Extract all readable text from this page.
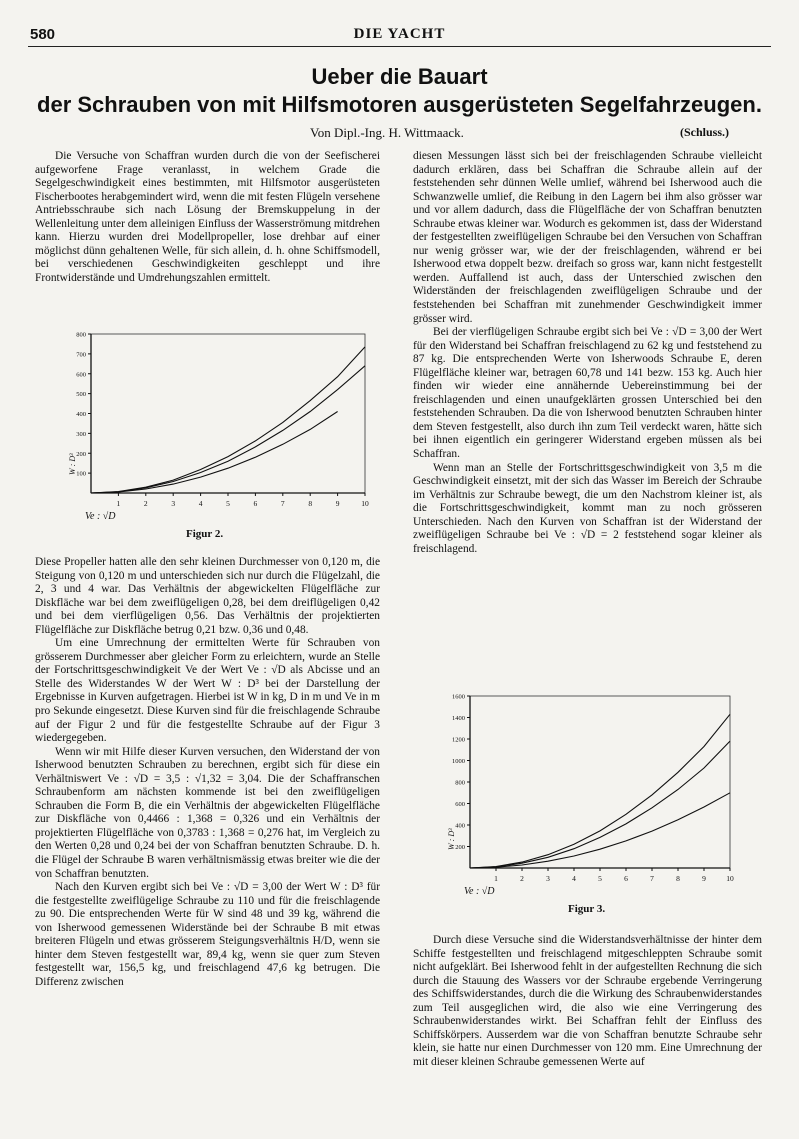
580	DIE YACHT
Ueber die Bauart
der Schrauben von mit Hilfsmotoren ausgerüsteten Segelfahrzeugen.
Von Dipl.-Ing. H. Wittmaack.	(Schluss.)

Die Versuche von Schaffran wurden durch die von der Seefischerei aufgeworfene Frage veranlasst, in welchem Grade die Segelgeschwindigkeit eines bestimmten, mit Hilfsmotor ausgerüsteten Fischerbootes herabgemindert wird, wenn die mit festen Flügeln versehene Antriebsschraube sich nach Lösung der Bremskuppelung in der Wellenleitung unter dem alleinigen Einfluss der Wasserströmung mitdrehen kann. Hierzu wurden drei Modellpropeller, lose drehbar auf einer möglichst dünn gehaltenen Welle, für sich allein, d. h. ohne Schiffsmodell, bei verschiedenen Geschwindigkeiten geschleppt und ihre Frontwiderstände und Umdrehungszahlen ermittelt.

1	2	3	4	5	6	7	8	9	10
100
200
300
400
500
600
700
800
Ve : √D
W : D³
Figur 2.

Diese Propeller hatten alle den sehr kleinen Durchmesser von 0,120 m, die Steigung von 0,120 m und unterschieden sich nur durch die Flügelzahl, die 2, 3 und 4 war. Das Verhältnis der abgewickelten Flügelfläche zur Diskfläche war bei dem zweiflügeligen 0,28, bei dem dreiflügeligen 0,42 und bei dem vierflügeligen 0,56. Das Verhältnis der projektierten Flügelfläche zur Diskfläche betrug 0,21 bzw. 0,36 und 0,48.

Um eine Umrechnung der ermittelten Werte für Schrauben von grösserem Durchmesser aber gleicher Form zu erleichtern, wurde an Stelle der Fortschrittsgeschwindigkeit Ve der Wert Ve : √D als Abcisse und an Stelle des Widerstandes W der Wert W : D³ bei der Darstellung der Ergebnisse in Kurven aufgetragen. Hierbei ist W in kg, D in m und Ve in m pro Sekunde eingesetzt. Diese Kurven sind für die freischlagende Schraube auf der Figur 2 und für die festgestellte Schraube auf der Figur 3 wiedergegeben.

Wenn wir mit Hilfe dieser Kurven versuchen, den Widerstand der von Isherwood benutzten Schrauben zu berechnen, ergibt sich für diese ein Verhältniswert Ve : √D = 3,5 : √1,32 = 3,04. Die der Schaffranschen Schraubenform am nächsten kommende ist bei den zweiflügeligen Schrauben die Form B, die ein Verhältnis der abgewickelten Flügelfläche zur Diskfläche von 0,4466 : 1,368 = 0,326 und ein Verhältnis der projektierten Flügelfläche von 0,3783 : 1,368 = 0,276 hat, im Vergleich zu den Werten 0,28 und 0,24 bei der von Schaffran benutzten Schraube. D. h. die Flügel der Schraube B waren verhältnismässig etwas breiter wie die der von Schaffran benutzten.

Nach den Kurven ergibt sich bei Ve : √D = 3,00 der Wert W : D³ für die festgestellte zweiflügelige Schraube zu 110 und für die freischlagende zu 90. Die entsprechenden Werte für W sind 48 und 39 kg, während die von Isherwood gemessenen Widerstände bei der Schraube B mit etwas breiteren Flügeln und etwas grösserem Steigungsverhältnis H/D, wenn sie hinter dem Steven festgestellt war, 89,4 kg, wenn sie quer zum Steven festgestellt war, 156,5 kg, und freischlagend 47,6 kg betrugen. Die Differenz zwischen

diesen Messungen lässt sich bei der freischlagenden Schraube vielleicht dadurch erklären, dass bei Schaffran die Schraube allein auf der feststehenden sehr dünnen Welle umlief, während bei Isherwood auch die Schwanzwelle umlief, die Reibung in den Lagern bei ihm also grösser war und vor allem dadurch, dass die Flügelfläche der von Schaffran benutzten Schraube etwas kleiner war. Wodurch es gekommen ist, dass der Widerstand der festgestellten zweiflügeligen Schraube bei den Versuchen von Schaffran nur wenig grösser war, wie der der freischlagenden, während er bei Isherwood etwa doppelt bezw. dreifach so gross war, kann nicht festgestellt werden. Auffallend ist auch, dass der Unterschied zwischen den Widerständen der freischlagenden zweiflügeligen Schraube und der feststehenden bei Schaffran mit zunehmender Geschwindigkeit immer grösser wird.

Bei der vierflügeligen Schraube ergibt sich bei Ve : √D = 3,00 der Wert für den Widerstand bei Schaffran freischlagend zu 62 kg und feststehend zu 87 kg. Die entsprechenden Werte von Isherwoods Schraube E, deren Flügelfläche kleiner war, betragen 60,78 und 141 bezw. 153 kg. Auch hier finden wir wieder eine annähernde Uebereinstimmung bei der freischlagenden und einen unaufgeklärten grossen Unterschied bei den feststehenden Schrauben. Da die von Isherwood benutzten Schrauben hinter dem Steven festgestellt, also durch ihn zum Teil verdeckt waren, hätte sich bei ihnen eigentlich ein geringerer Widerstand ergeben müssen als bei Schaffran.

Wenn man an Stelle der Fortschrittsgeschwindigkeit von 3,5 m die Geschwindigkeit einsetzt, mit der sich das Wasser im Bereich der Schraube im Verhältnis zur Schraube bewegt, die um den Nachstrom kleiner ist, als die Fortschrittsgeschwindigkeit, kommt man zu noch grösseren Unterschieden. Nach den Kurven von Schaffran ist der Widerstand der zweiflügeligen Schraube bei Ve : √D = 2 feststehend sogar kleiner als freischlagend.

1	2	3	4	5	6	7	8	9	10
200
400
600
800
1000
1200
1400
1600
Ve : √D
W : D³
Figur 3.

Durch diese Versuche sind die Widerstandsverhältnisse der hinter dem Schiffe festgestellten und freischlagend mitgeschleppten Schraube somit nicht aufgeklärt. Bei Isherwood fehlt in der aufgestellten Rechnung die sich durch die Stauung des Wassers vor der Schraube ergebende Verringerung des Schiffswiderstandes, durch die die Wirkung des Schraubenwiderstandes zum Teil ausgeglichen wird, die also wie eine Verringerung des Schraubenwiderstandes wirkt. Bei Schaffran fehlt der Einfluss des Schiffskörpers. Ausserdem war die von Schaffran benutzte Schraube sehr klein, sie hatte nur einen Durchmesser von 120 mm. Eine Umrechnung der mit dieser kleinen Schraube gemessenen Werte auf
